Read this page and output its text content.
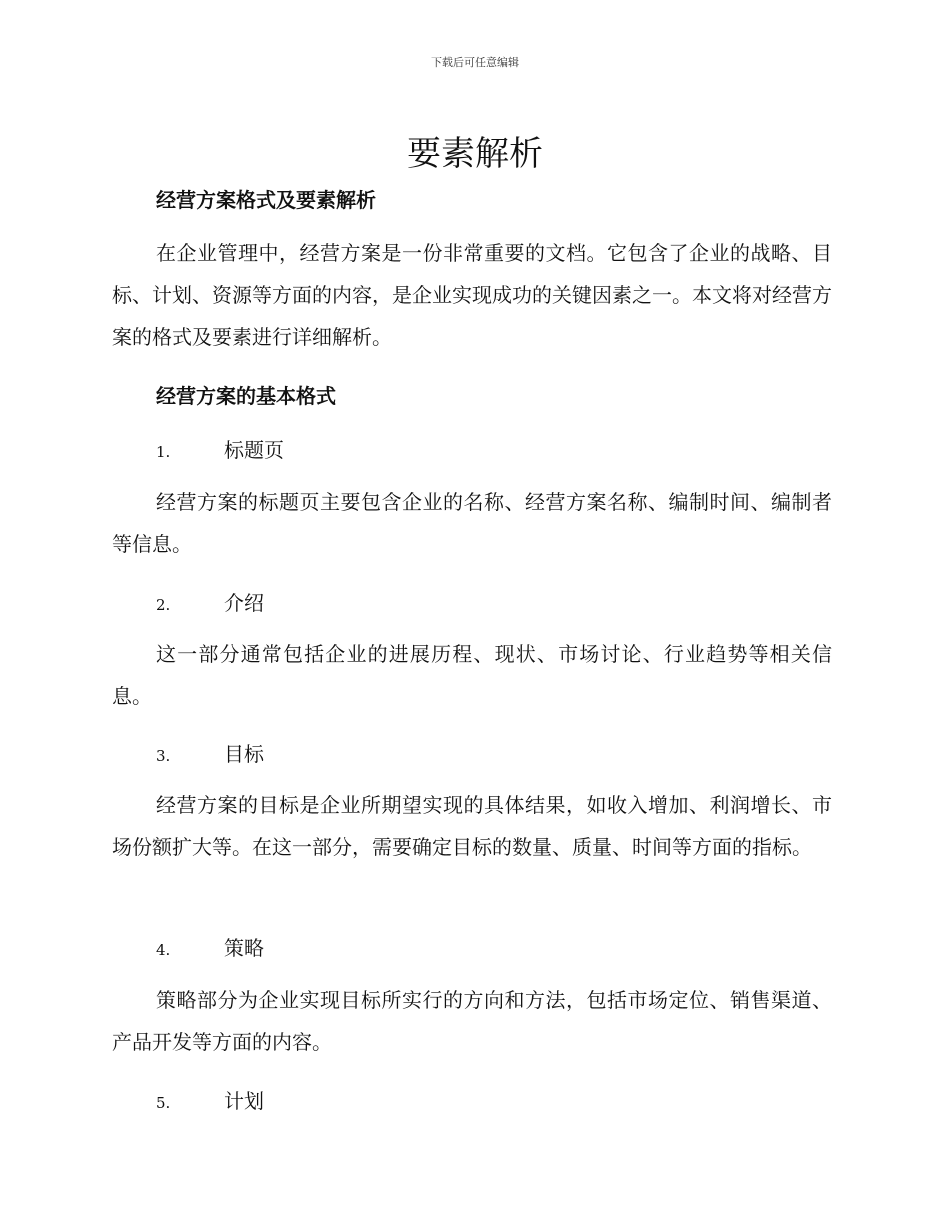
下载后可任意编辑
要素解析
经营方案格式及要素解析

在企业管理中，经营方案是一份非常重要的文档。它包含了企业的战略、目标、计划、资源等方面的内容，是企业实现成功的关键因素之一。本文将对经营方案的格式及要素进行详细解析。

经营方案的基本格式
1.	标题页

经营方案的标题页主要包含企业的名称、经营方案名称、编制时间、编制者等信息。

2.	介绍

这一部分通常包括企业的进展历程、现状、市场讨论、行业趋势等相关信息。

3.	目标

经营方案的目标是企业所期望实现的具体结果，如收入增加、利润增长、市场份额扩大等。在这一部分，需要确定目标的数量、质量、时间等方面的指标。

4.	策略

策略部分为企业实现目标所实行的方向和方法，包括市场定位、销售渠道、产品开发等方面的内容。

5.	计划
